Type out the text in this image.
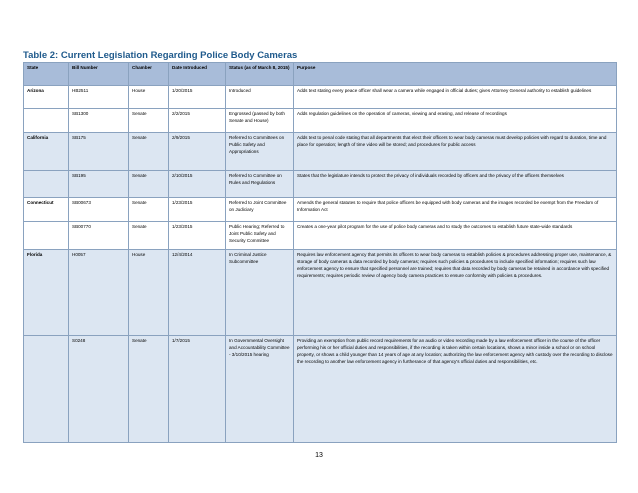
Table 2: Current Legislation Regarding Police Body Cameras
State	Bill Number	Chamber	Date Introduced	Status (as of March 8, 2015)	Purpose
Arizona	HB2511	House	1/20/2015	Introduced	Adds text stating every peace officer shall wear a camera while engaged in official duties; gives Attorney General authority to establish guidelines
	SB1300	Senate	2/2/2015	Engrossed (passed by both Senate and House)	Adds regulation guidelines on the operation of cameras, viewing and erasing, and release of recordings
California	SB175	Senate	2/9/2015	Referred to Committees on Public Safety and Appropriations	Adds text to penal code stating that all departments that elect their officers to wear body cameras must develop policies with regard to duration, time and place for operation; length of time video will be stored; and procedures for public access
	SB195	Senate	2/10/2015	Referred to Committee on Rules and Regulations	States that the legislature intends to protect the privacy of individuals recorded by officers and the privacy of the officers themselves
Connecticut	SB00673	Senate	1/23/2015	Referred to Joint Committee on Judiciary	Amends the general statutes to require that police officers be equipped with body cameras and the images recorded be exempt from the Freedom of Information Act
	SB00770	Senate	1/23/2015	Public Hearing; Referred to Joint Public Safety and Security Committee	Creates a one-year pilot program for the use of police body cameras and to study the outcomes to establish future state-wide standards
Florida	H0057	House	12/4/2014	In Criminal Justice Subcommittee	Requires law enforcement agency that permits its officers to wear body cameras to establish policies & procedures addressing proper use, maintenance, & storage of body cameras & data recorded by body cameras; requires such policies & procedures to include specified information; requires such law enforcement agency to ensure that specified personnel are trained; requires that data recorded by body cameras be retained in accordance with specified requirements; requires periodic review of agency body camera practices to ensure conformity with policies & procedures.
	S0248	Senate	1/7/2015	In Governmental Oversight and Accountability Committee - 3/10/2015 hearing	Providing an exemption from public record requirements for an audio or video recording made by a law enforcement officer in the course of the officer performing his or her official duties and responsibilities, if the recording is taken within certain locations, shows a minor inside a school or on school property, or shows a child younger than 14 years of age at any location; authorizing the law enforcement agency with custody over the recording to disclose the recording to another law enforcement agency in furtherance of that agency's official duties and responsibilities, etc.
13
